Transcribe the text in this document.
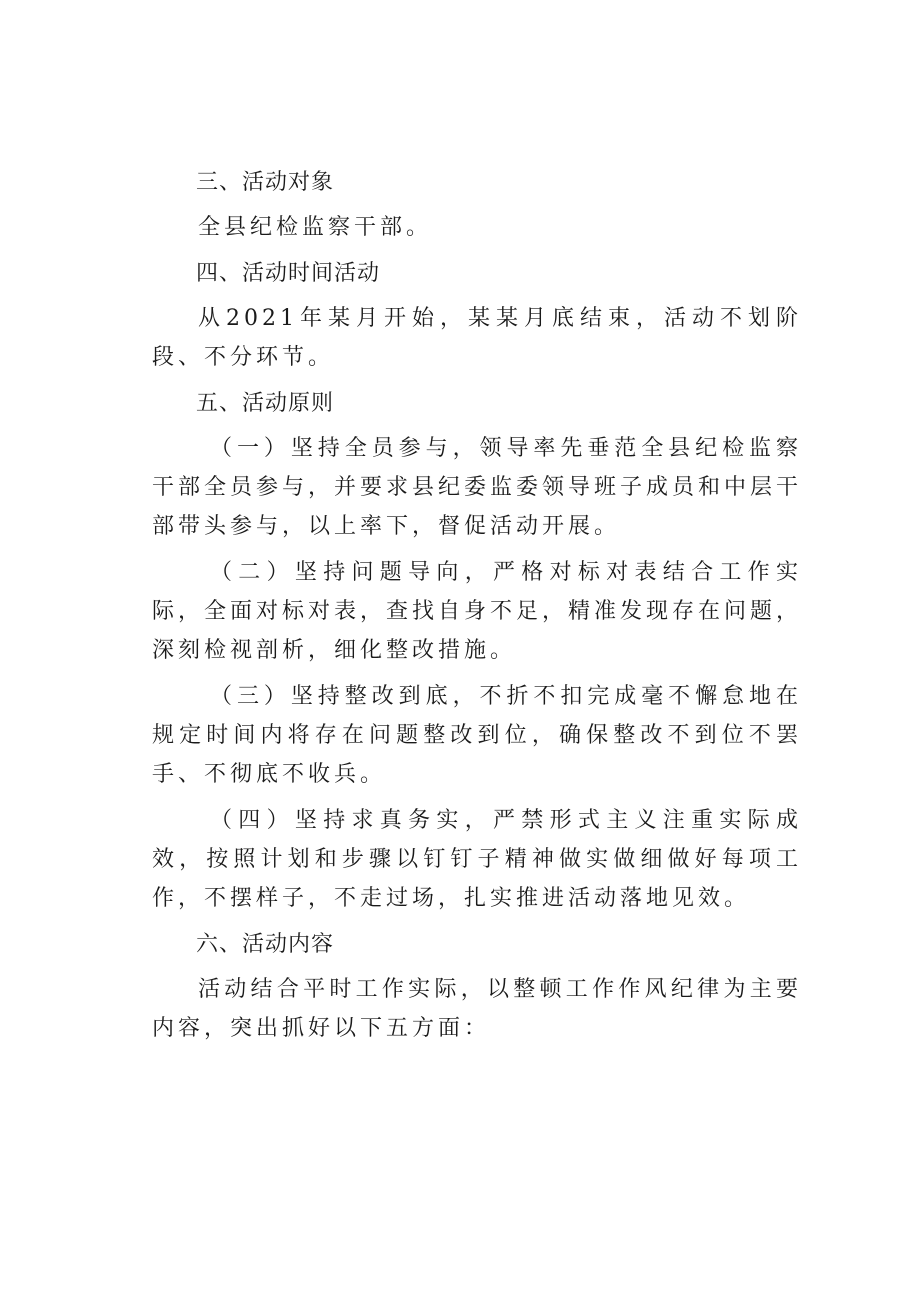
三、活动对象

全县纪检监察干部。

四、活动时间活动

从2021年某月开始，某某月底结束，活动不划阶段、不分环节。

五、活动原则

（一）坚持全员参与，领导率先垂范全县纪检监察干部全员参与，并要求县纪委监委领导班子成员和中层干部带头参与，以上率下，督促活动开展。

（二）坚持问题导向，严格对标对表结合工作实际，全面对标对表，查找自身不足，精准发现存在问题，深刻检视剖析，细化整改措施。

（三）坚持整改到底，不折不扣完成毫不懈怠地在规定时间内将存在问题整改到位，确保整改不到位不罢手、不彻底不收兵。

（四）坚持求真务实，严禁形式主义注重实际成效，按照计划和步骤以钉钉子精神做实做细做好每项工作，不摆样子，不走过场，扎实推进活动落地见效。

六、活动内容

活动结合平时工作实际，以整顿工作作风纪律为主要内容，突出抓好以下五方面：
